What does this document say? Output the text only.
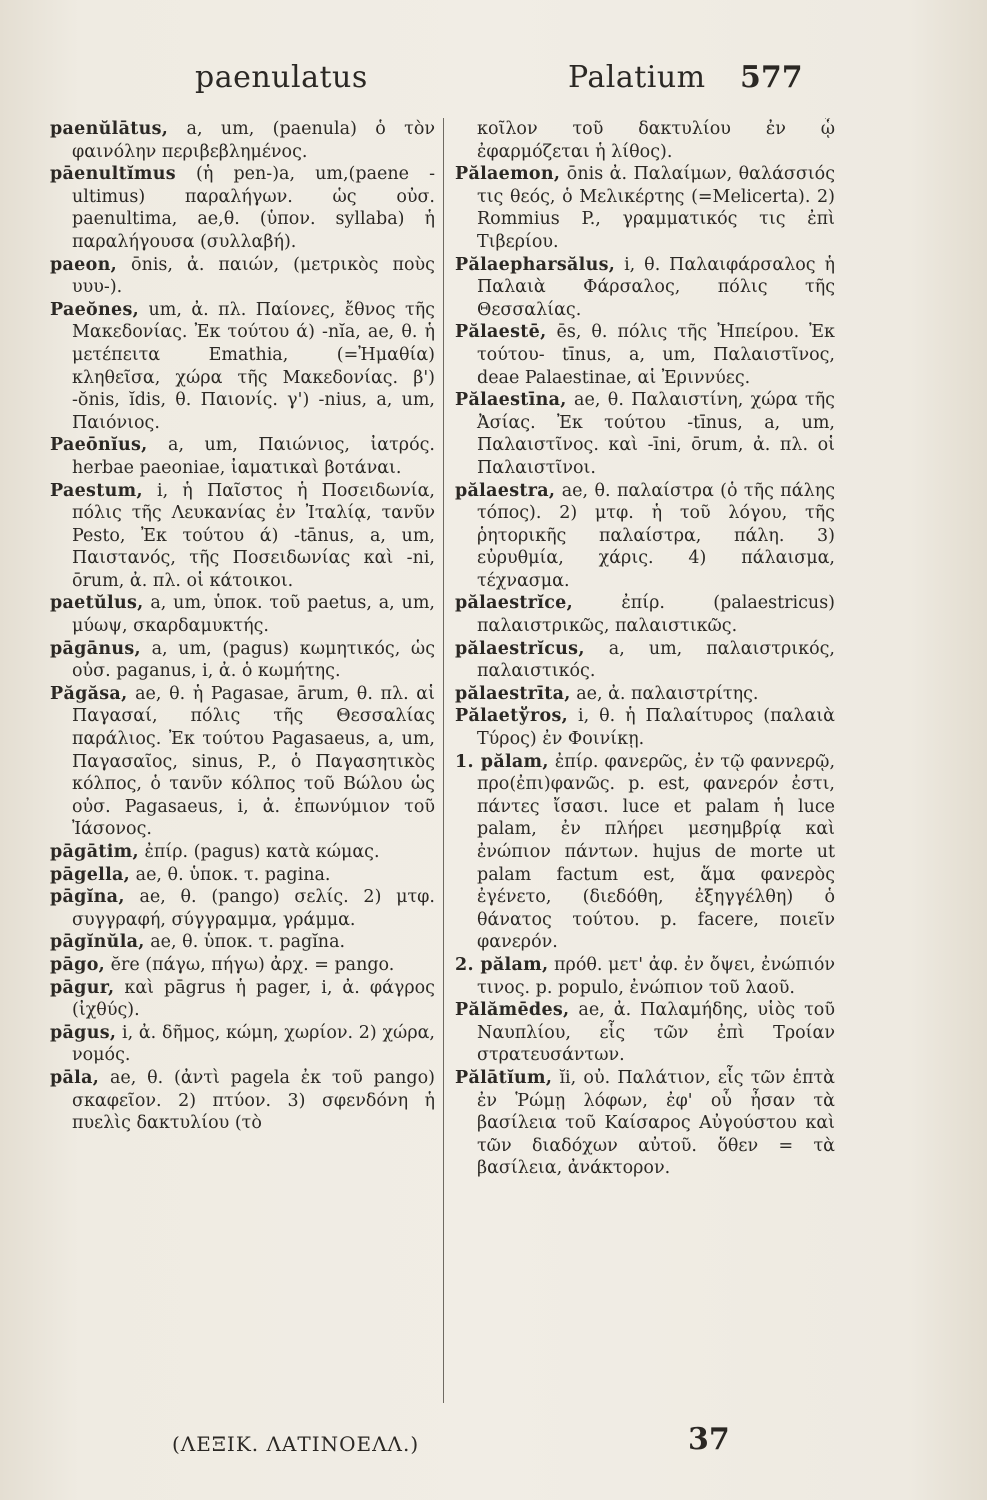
paenulatus	Palatium 577

paenŭlātus, a, um, (paenula) ὁ τὸν φαινόλην περιβεβλημένος.

pāenultĭmus (ἡ pen-)a, um,(paene -ultimus) παραλήγων. ὡς οὐσ. paenultima, ae,θ. (ὑπον. syllaba) ἡ παραλήγουσα (συλλαβή).

paeon, ōnis, ἀ. παιών, (μετρικὸς ποὺς υυυ-).

Paeŏnes, um, ἀ. πλ. Παίονες, ἔθνος τῆς Μακεδονίας. Ἐκ τούτου ά) -nĭa, ae, θ. ἡ μετέπειτα Emathia, (=Ἠμαθία) κληθεῖσα, χώρα τῆς Μακεδονίας. β') -ŏnis, ĭdis, θ. Παιονίς. γ') -nius, a, um, Παιόνιος.

Paeōnĭus, a, um, Παιώνιος, ἰατρός. herbae paeoniae, ἰαματικαὶ βοτάναι.

Paestum, i, ἡ Παῖστος ἡ Ποσειδωνία, πόλις τῆς Λευκανίας ἐν Ἰταλίᾳ, τανῦν Pesto, Ἐκ τούτου ά) -tānus, a, um, Παιστανός, τῆς Ποσειδωνίας καὶ -ni, ōrum, ἀ. πλ. οἱ κάτοικοι.

paetŭlus, a, um, ὑποκ. τοῦ paetus, a, um, μύωψ, σκαρδαμυκτής.

pāgānus, a, um, (pagus) κωμητικός, ὡς οὐσ. paganus, i, ἀ. ὁ κωμήτης.

Păgăsa, ae, θ. ἡ Pagasae, ārum, θ. πλ. αἱ Παγασαί, πόλις τῆς Θεσσαλίας παράλιος. Ἐκ τούτου Pagasaeus, a, um, Παγασαῖος, sinus, P., ὁ Παγασητικὸς κόλπος, ὁ τανῦν κόλπος τοῦ Βώλου ὡς οὐσ. Pagasaeus, i, ἀ. ἐπωνύμιον τοῦ Ἰάσονος.

pāgātim, ἐπίρ. (pagus) κατὰ κώμας.

pāgella, ae, θ. ὑποκ. τ. pagina.

pāgĭna, ae, θ. (pango) σελίς. 2) μτφ. συγγραφή, σύγγραμμα, γράμμα.

pāgĭnŭla, ae, θ. ὑποκ. τ. pagĭna.

pāgo, ĕre (πάγω, πήγω) ἀρχ. = pango.

pāgur, καὶ pāgrus ἡ pager, i, ἀ. φάγρος (ἰχθύς).

pāgus, i, ἀ. δῆμος, κώμη, χωρίον. 2) χώρα, νομός.

pāla, ae, θ. (ἀντὶ pagela ἐκ τοῦ pango) σκαφεῖον. 2) πτύον. 3) σφενδόνη ἡ πυελὶς δακτυλίου (τὸ

κοῖλον τοῦ δακτυλίου ἐν ᾧ ἐφαρμόζεται ἡ λίθος).

Pălaemon, ōnis ἀ. Παλαίμων, θαλάσσιός τις θεός, ὁ Μελικέρτης (=Melicerta). 2) Rommius P., γραμματικός τις ἐπὶ Τιβερίου.

Pălaepharsălus, i, θ. Παλαιφάρσαλος ἡ Παλαιὰ Φάρσαλος, πόλις τῆς Θεσσαλίας.

Pălaestē, ēs, θ. πόλις τῆς Ἠπείρου. Ἐκ τούτου- tīnus, a, um, Παλαιστῖνος, deae Palaestinae, αἱ Ἐριννύες.

Pălaestīna, ae, θ. Παλαιστίνη, χώρα τῆς Ἀσίας. Ἐκ τούτου -tīnus, a, um, Παλαιστῖνος. καὶ -īni, ōrum, ἀ. πλ. οἱ Παλαιστῖνοι.

pălaestra, ae, θ. παλαίστρα (ὁ τῆς πάλης τόπος). 2) μτφ. ἡ τοῦ λόγου, τῆς ῥητορικῆς παλαίστρα, πάλη. 3) εὐρυθμία, χάρις. 4) πάλαισμα, τέχνασμα.

pălaestrĭce, ἐπίρ. (palaestricus) παλαιστρικῶς, παλαιστικῶς.

pălaestrĭcus, a, um, παλαιστρικός, παλαιστικός.

pălaestrīta, ae, ἀ. παλαιστρίτης.

Pălaetўros, i, θ. ἡ Παλαίτυρος (παλαιὰ Τύρος) ἐν Φοινίκῃ.

1. pălam, ἐπίρ. φανερῶς, ἐν τῷ φαννερῷ, προ(ἐπι)φανῶς. p. est, φανερόν ἐστι, πάντες ἴσασι. luce et palam ἡ luce palam, ἐν πλήρει μεσημβρίᾳ καὶ ἐνώπιον πάντων. hujus de morte ut palam factum est, ἅμα φανερὸς ἐγένετο, (διεδόθη, ἐξηγγέλθη) ὁ θάνατος τούτου. p. facere, ποιεῖν φανερόν.

2. pălam, πρόθ. μετ' ἀφ. ἐν ὄψει, ἐνώπιόν τινος. p. populo, ἐνώπιον τοῦ λαοῦ.

Pălămēdes, ae, ἀ. Παλαμήδης, υἱὸς τοῦ Ναυπλίου, εἷς τῶν ἐπὶ Τροίαν στρατευσάντων.

Pălātĭum, ĭi, οὐ. Παλάτιον, εἷς τῶν ἑπτὰ ἐν Ῥώμῃ λόφων, ἐφ' οὗ ἦσαν τὰ βασίλεια τοῦ Καίσαρος Αὐγούστου καὶ τῶν διαδόχων αὐτοῦ. ὅθεν = τὰ βασίλεια, ἀνάκτορον.

(ΛΕΞΙΚ. ΛΑΤΙΝΟΕΛΛ.)	37
